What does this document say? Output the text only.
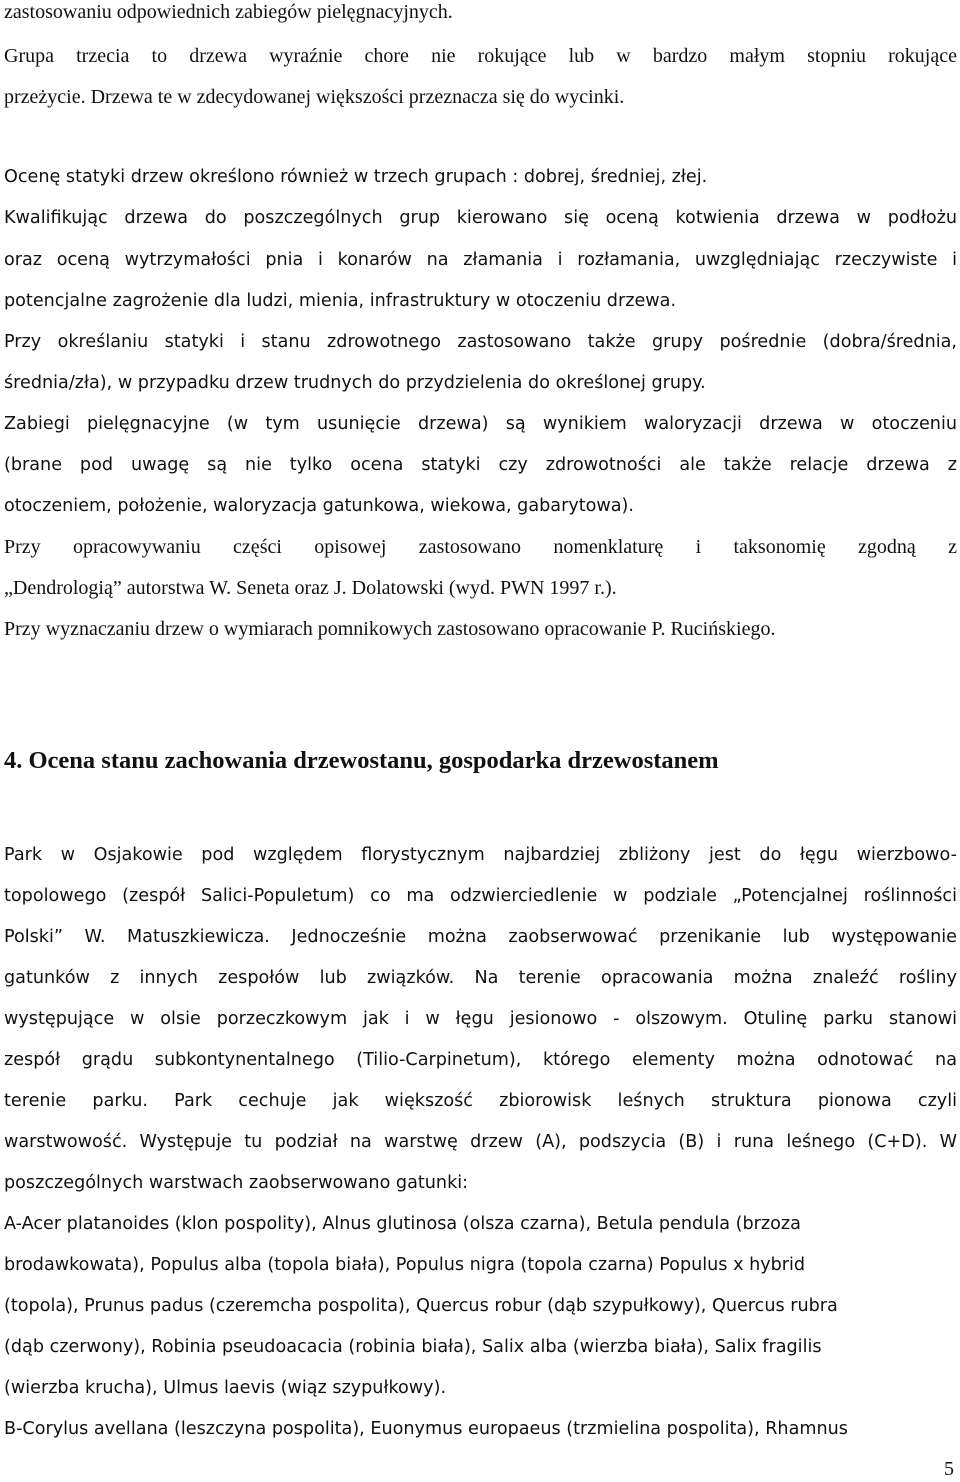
zastosowaniu odpowiednich zabiegów pielęgnacyjnych.
Grupa trzecia to drzewa wyraźnie chore nie rokujące lub w bardzo małym stopniu rokujące
przeżycie. Drzewa te w zdecydowanej większości przeznacza się do wycinki.
Ocenę statyki drzew określono również w trzech grupach : dobrej, średniej, złej.
Kwalifikując drzewa do poszczególnych grup kierowano się oceną kotwienia drzewa w podłożu
oraz oceną wytrzymałości pnia i konarów na złamania i rozłamania, uwzględniając rzeczywiste i
potencjalne zagrożenie dla ludzi, mienia, infrastruktury w otoczeniu drzewa.
Przy określaniu statyki i stanu zdrowotnego zastosowano także grupy pośrednie (dobra/średnia,
średnia/zła), w przypadku drzew trudnych do przydzielenia do określonej grupy.
Zabiegi pielęgnacyjne (w tym usunięcie drzewa) są wynikiem waloryzacji drzewa w otoczeniu
(brane pod uwagę są nie tylko ocena statyki czy zdrowotności ale także relacje drzewa z
otoczeniem, położenie, waloryzacja gatunkowa, wiekowa, gabarytowa).
Przy opracowywaniu części opisowej zastosowano nomenklaturę i taksonomię zgodną z
„Dendrologią” autorstwa W. Seneta oraz J. Dolatowski (wyd. PWN 1997 r.).
Przy wyznaczaniu drzew o wymiarach pomnikowych zastosowano opracowanie P. Rucińskiego.
4. Ocena stanu zachowania drzewostanu, gospodarka drzewostanem
Park w Osjakowie pod względem florystycznym najbardziej zbliżony jest do łęgu wierzbowo-
topolowego (zespół Salici-Populetum) co ma odzwierciedlenie w podziale „Potencjalnej roślinności
Polski” W. Matuszkiewicza. Jednocześnie można zaobserwować przenikanie lub występowanie
gatunków z innych zespołów lub związków. Na terenie opracowania można znaleźć rośliny
występujące w olsie porzeczkowym jak i w łęgu jesionowo - olszowym. Otulinę parku stanowi
zespół grądu subkontynentalnego (Tilio-Carpinetum), którego elementy można odnotować na
terenie parku. Park cechuje jak większość zbiorowisk leśnych struktura pionowa czyli
warstwowość. Występuje tu podział na warstwę drzew (A), podszycia (B) i runa leśnego (C+D). W
poszczególnych warstwach zaobserwowano gatunki:
A-Acer platanoides (klon pospolity), Alnus glutinosa (olsza czarna), Betula pendula (brzoza
brodawkowata), Populus alba (topola biała), Populus nigra (topola czarna) Populus x hybrid
(topola), Prunus padus (czeremcha pospolita), Quercus robur (dąb szypułkowy), Quercus rubra
(dąb czerwony), Robinia pseudoacacia (robinia biała), Salix alba (wierzba biała), Salix fragilis
(wierzba krucha), Ulmus laevis (wiąz szypułkowy).
B-Corylus avellana (leszczyna pospolita), Euonymus europaeus (trzmielina pospolita), Rhamnus
5
